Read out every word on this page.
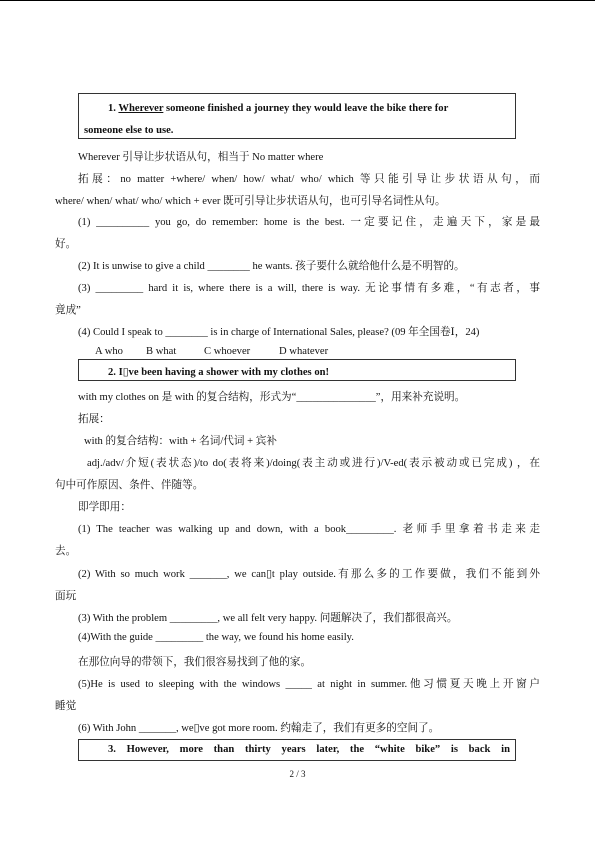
1. Wherever someone finished a journey they would leave the bike there for
someone else to use.
Wherever 引导让步状语从句，相当于 No matter where
拓展：no matter +where/ when/ how/ what/ who/ which 等只能引导让步状语从句，而
where/ when/ what/ who/ which + ever 既可引导让步状语从句，也可引导名词性从句。
(1) __________ you go, do remember: home is the best. 一定要记住，走遍天下，家是最
好。
(2) It is unwise to give a child ________ he wants. 孩子要什么就给他什么是不明智的。
(3) _________ hard it is, where there is a will, there is way. 无论事情有多难，“有志者，事
竟成”
(4) Could I speak to ________ is in charge of International Sales, please? (09 年全国卷Ⅰ，24)
A who B what	C whoever	D whatever
2. I▯ve been having a shower with my clothes on!
with my clothes on 是 with 的复合结构，形式为“_______________”，用来补充说明。
拓展：
with 的复合结构：with + 名词/代词 + 宾补
adj./adv/介短(表状态)/to do(表将来)/doing(表主动或进行)/V-ed(表示被动或已完成) ，在
句中可作原因、条件、伴随等。
即学即用：
(1) The teacher was walking up and down, with a book_________. 老师手里拿着书走来走
去。
(2) With so much work _______, we can▯t play outside.有那么多的工作要做，我们不能到外
面玩
(3) With the problem _________, we all felt very happy. 问题解决了，我们都很高兴。
(4)With the guide _________ the way, we found his home easily.
在那位向导的带领下，我们很容易找到了他的家。
(5)He is used to sleeping with the windows _____ at night in summer.他习惯夏天晚上开窗户
睡觉
(6) With John _______, we▯ve got more room. 约翰走了，我们有更多的空间了。
3. However, more than thirty years later, the “white bike” is back in
2 / 3
